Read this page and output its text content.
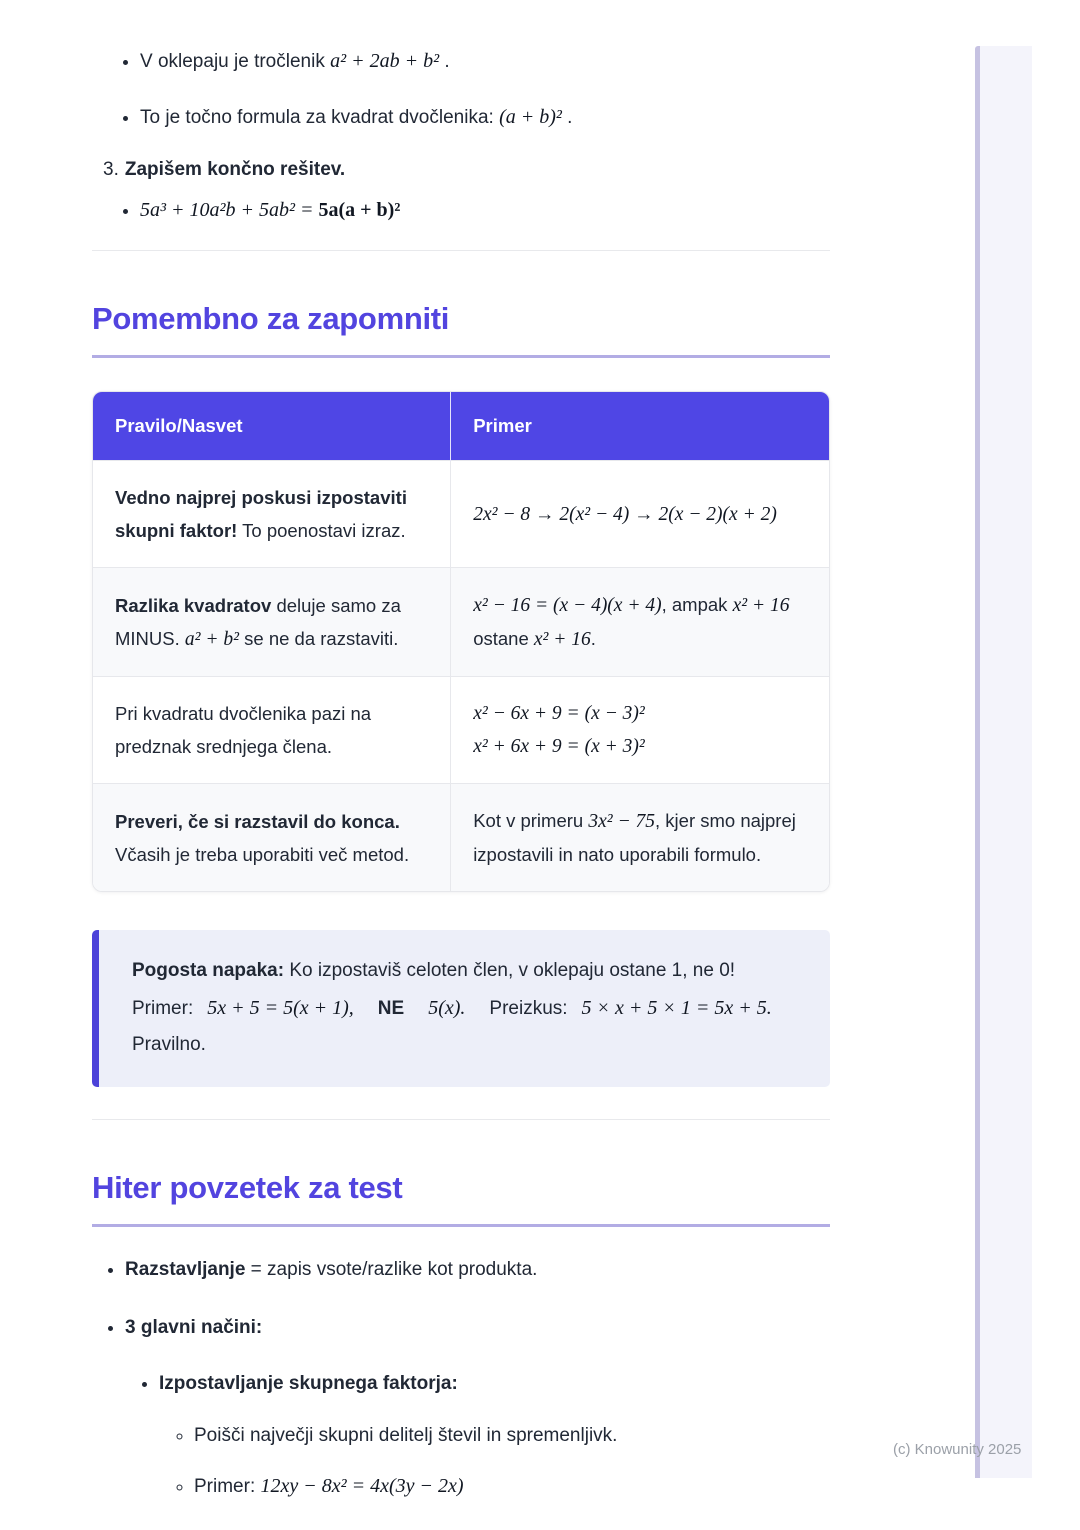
• V oklepaju je tročlenik a² + 2ab + b² .
• To je točno formula za kvadrat dvočlenika: (a + b)² .
3. Zapišem končno rešitev.
• 5a³ + 10a²b + 5ab² = 5a(a + b)²
Pomembno za zapomniti
Pravilo/Nasvet	Primer
Vedno najprej poskusi izpostaviti skupni faktor! To poenostavi izraz.	2x² − 8 → 2(x² − 4) → 2(x − 2)(x + 2)
Razlika kvadratov deluje samo za MINUS. a² + b² se ne da razstaviti.	x² − 16 = (x − 4)(x + 4), ampak x² + 16 ostane x² + 16.
Pri kvadratu dvočlenika pazi na predznak srednjega člena.	x² − 6x + 9 = (x − 3)²
x² + 6x + 9 = (x + 3)²

Preveri, če si razstavil do konca. Včasih je treba uporabiti več metod.	Kot v primeru 3x² − 75, kjer smo najprej izpostavili in nato uporabili formulo.
Pogosta napaka: Ko izpostaviš celoten člen, v oklepaju ostane 1, ne 0!
Primer: 5x + 5 = 5(x + 1), NE 5(x). Preizkus: 5 × x + 5 × 1 = 5x + 5.
Pravilno.
Hiter povzetek za test
• Razstavljanje = zapis vsote/razlike kot produkta.
• 3 glavni načini:
• Izpostavljanje skupnega faktorja:
◦ Poišči največji skupni delitelj števil in spremenljivk.
◦ Primer: 12xy − 8x² = 4x(3y − 2x)
(c) Knowunity 2025
